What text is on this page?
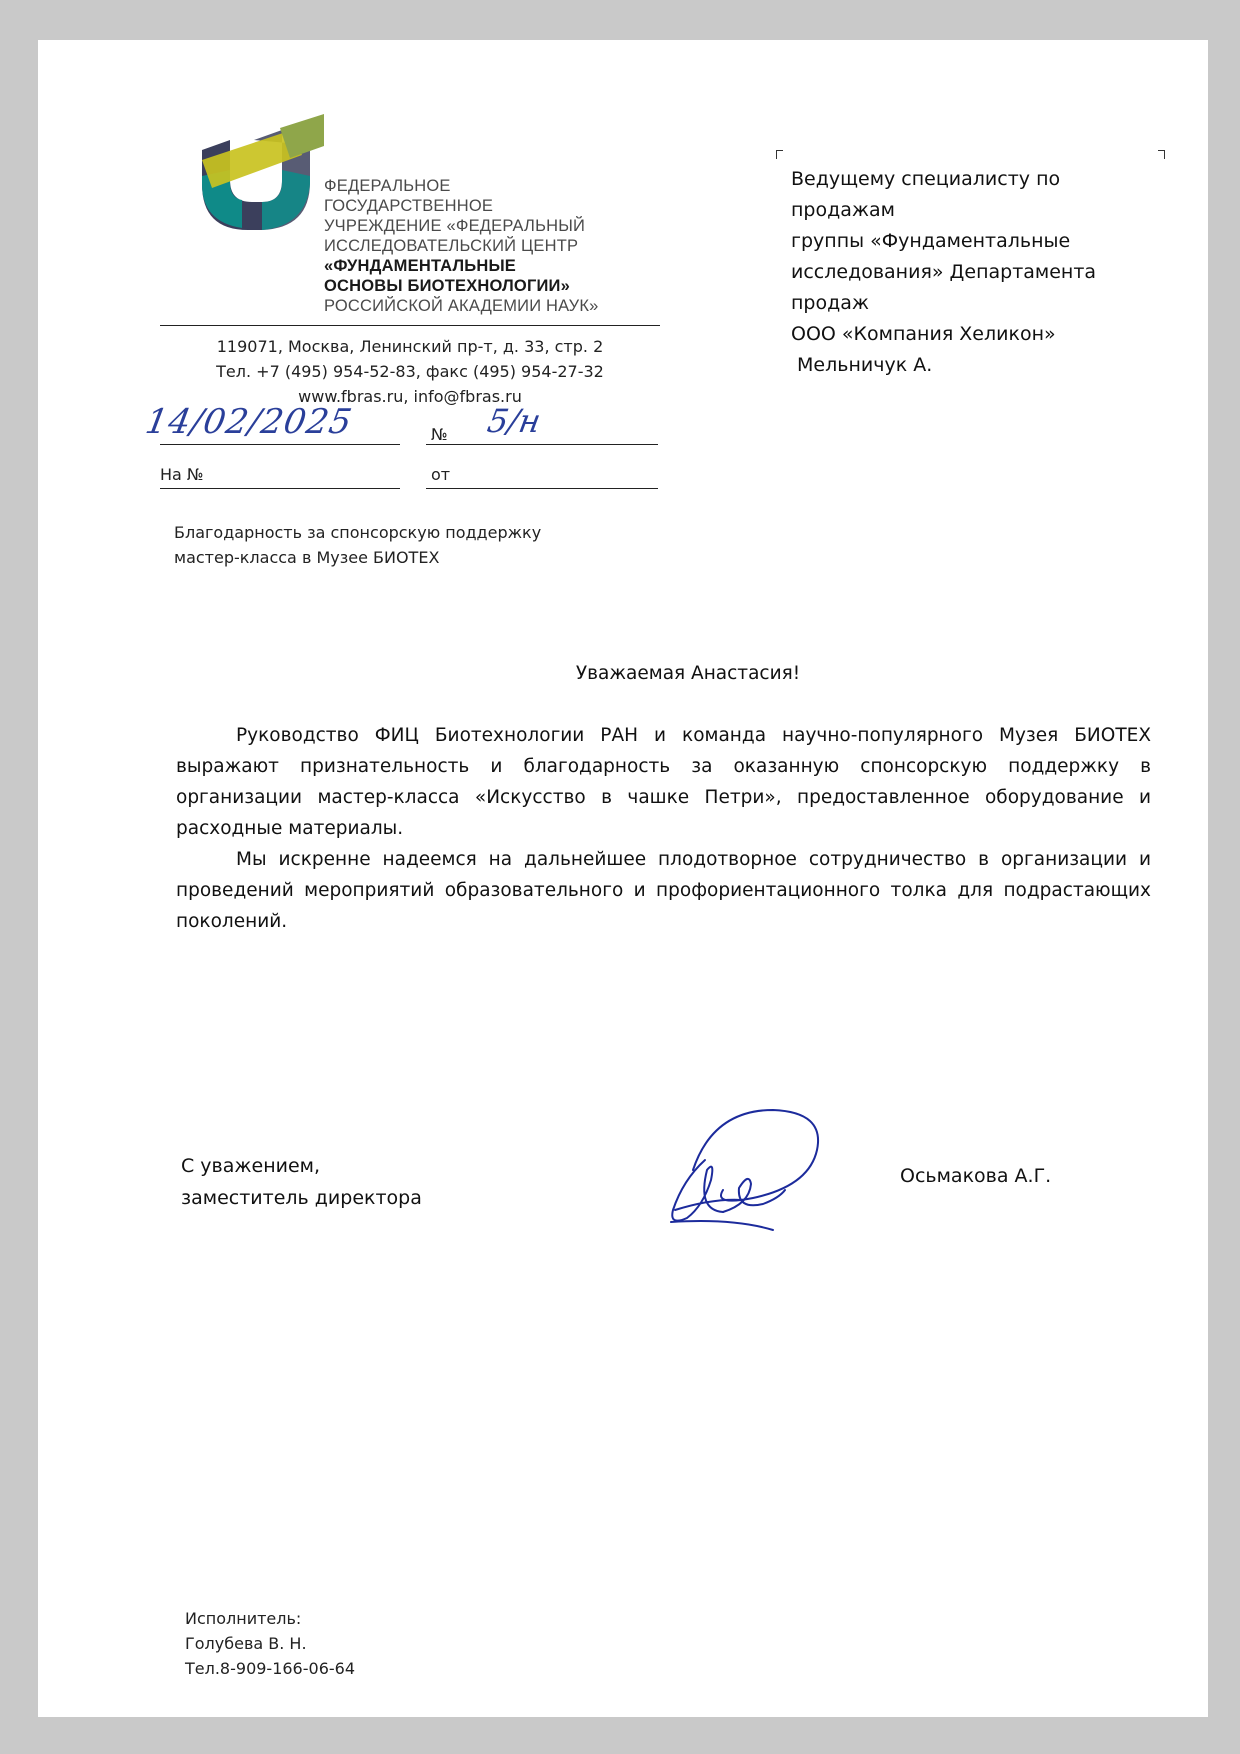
ФЕДЕРАЛЬНОЕ
ГОСУДАРСТВЕННОЕ
УЧРЕЖДЕНИЕ «ФЕДЕРАЛЬНЫЙ
ИССЛЕДОВАТЕЛЬСКИЙ ЦЕНТР
«ФУНДАМЕНТАЛЬНЫЕ
ОСНОВЫ БИОТЕХНОЛОГИИ»
РОССИЙСКОЙ АКАДЕМИИ НАУК»
119071, Москва, Ленинский пр-т, д. 33, стр. 2
Тел. +7 (495) 954-52-83, факс (495) 954-27-32
www.fbras.ru, info@fbras.ru
14/02/2025	№ 5/н
На №	от
Ведущему специалисту по
продажам
группы «Фундаментальные
исследования» Департамента
продаж
ООО «Компания Хеликон»
Мельничук А.
Благодарность за спонсорскую поддержку
мастер-класса в Музее БИОТЕХ
Уважаемая Анастасия!

Руководство ФИЦ Биотехнологии РАН и команда научно-популярного Музея БИОТЕХ выражают признательность и благодарность за оказанную спонсорскую поддержку в организации мастер-класса «Искусство в чашке Петри», предоставленное оборудование и расходные материалы.

Мы искренне надеемся на дальнейшее плодотворное сотрудничество в организации и проведений мероприятий образовательного и профориентационного толка для подрастающих поколений.

С уважением,
заместитель директора
Осьмакова А.Г.
Исполнитель:
Голубева В. Н.
Тел.8-909-166-06-64
